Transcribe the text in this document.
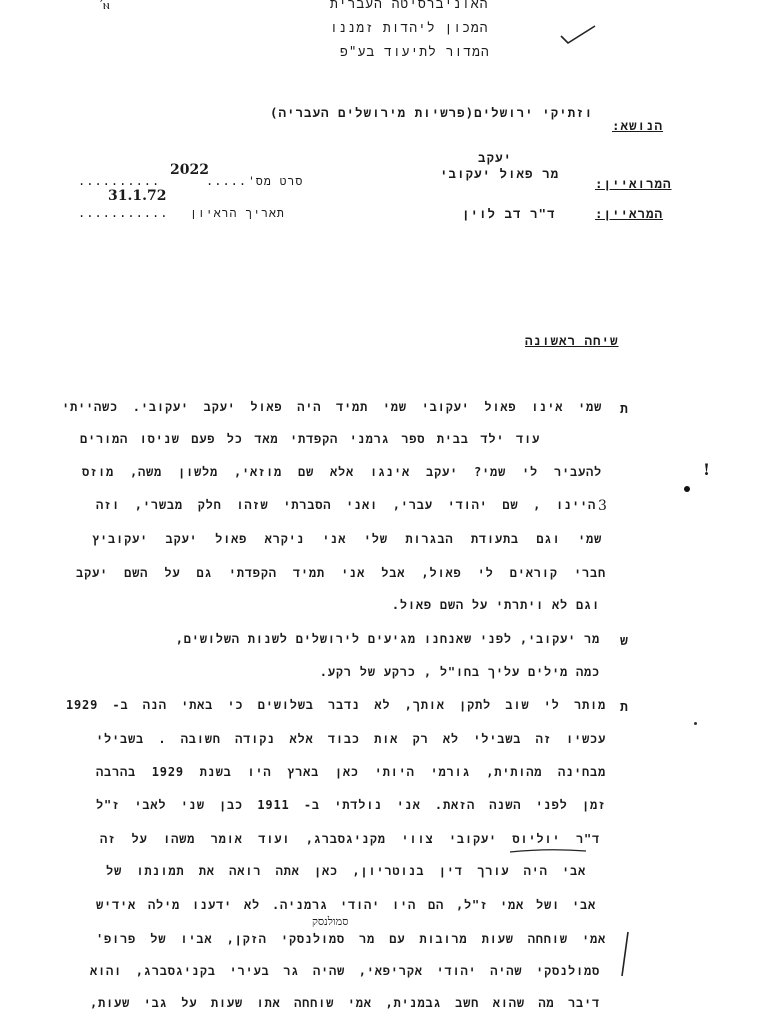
האוניברסיטה העברית
המכון ליהדות זמננו
המדור לתיעוד בע"פ
′ⲛ
הנושא:
וזתיקי ירושלים(פרשיות מירושלים העבריה)
יעקב
מר פאול יעקובי
המרואיין:
ד"ר דב לוין	המראיין:
..........
2022
..... סרט מס'
31.1.72
........... תאריך הראיון
שיחה ראשונה
ת
שמי אינו פאול יעקובי שמי תמיד היה פאול יעקב יעקובי. כשהייתי
עוד ילד בבית ספר גרמני הקפדתי מאד כל פעם שניסו המורים
להעביר לי שמי? יעקב אינגו אלא שם מוזאי, מלשון משה, מוזס
היינו , שם יהודי עברי, ואני הסברתי שזהו חלק מבשרי, וזה
שמי וגם בתעודת הבגרות שלי אני ניקרא פאול יעקב יעקוביץ
חברי קוראים לי פאול, אבל אני תמיד הקפדתי גם על השם יעקב
וגם לא ויתרתי על השם פאול.
ש
מר יעקובי, לפני שאנחנו מגיעים לירושלים לשנות השלושים,
כמה מילים עליך בחו"ל , כרקע של רקע.
ת
מותר לי שוב לתקן אותך, לא נדבר בשלושים כי באתי הנה ב- 1929
עכשיו זה בשבילי לא רק אות כבוד אלא נקודה חשובה . בשבילי
מבחינה מהותית, גורמי היותי כאן בארץ היו בשנת 1929 בהרבה
זמן לפני השנה הזאת. אני נולדתי ב- 1911 כבן שני לאבי ז"ל
ד"ר יוליוס יעקובי צווי מקניגסברג, ועוד אומר משהו על זה
אבי היה עורך דין בנוטריון, כאן אתה רואה את תמונתו של
אבי ושל אמי ז"ל, הם היו יהודי גרמניה. לא ידענו מילה אידיש
אמי שוחחה שעות מרובות עם מר סמולנסקי הזקן, אביו של פרופ'
סמולנסקי שהיה יהודי אקריפאי, שהיה גר בעירי בקניגסברג, והוא
דיבר מה שהוא חשב גבמנית, אמי שוחחה אתו שעות על גבי שעות,
!
3
סמולנסק
